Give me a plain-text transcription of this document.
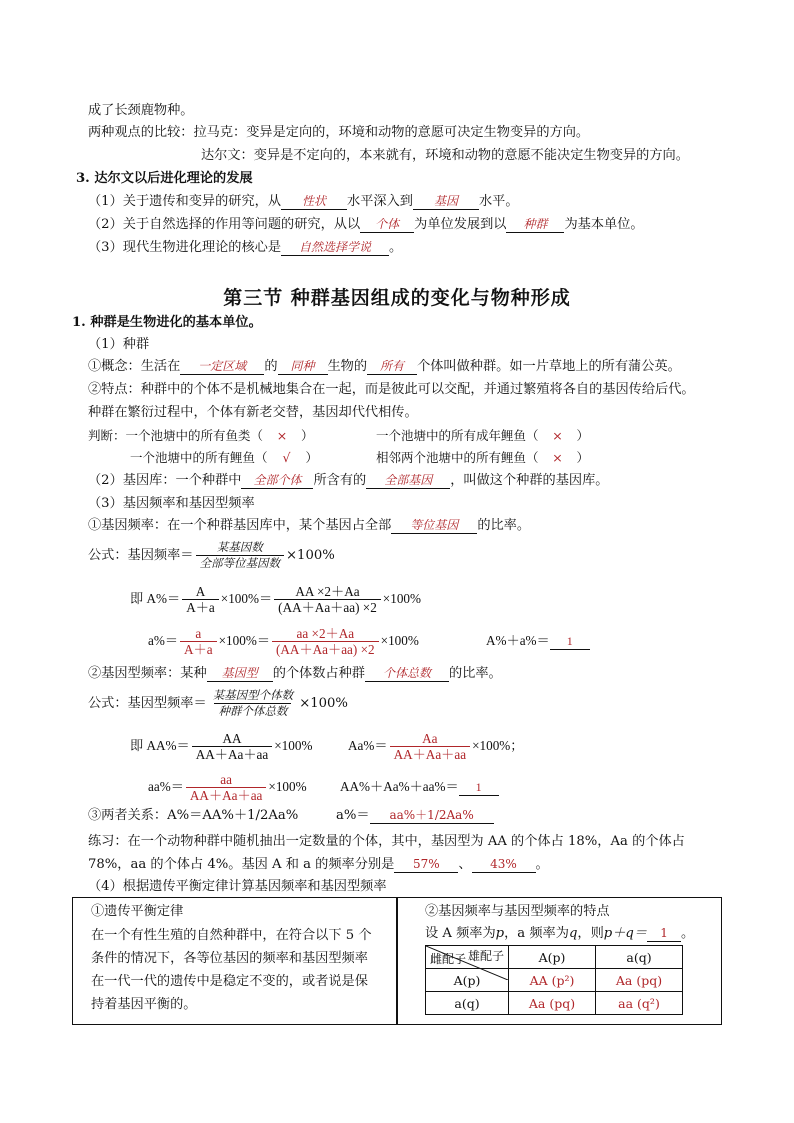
成了长颈鹿物种。
两种观点的比较：拉马克：变异是定向的，环境和动物的意愿可决定生物变异的方向。
达尔文：变异是不定向的，本来就有，环境和动物的意愿不能决定生物变异的方向。
3. 达尔文以后进化理论的发展
（1）关于遗传和变异的研究，从 性状 水平深入到 基因 水平。
（2）关于自然选择的作用等问题的研究，从以 个体 为单位发展到以 种群 为基本单位。
（3）现代生物进化理论的核心是 自然选择学说 。
第三节 种群基因组成的变化与物种形成
1. 种群是生物进化的基本单位。
（1）种群
①概念：生活在 一定区域 的 同种 生物的 所有 个体叫做种群。如一片草地上的所有蒲公英。
②特点：种群中的个体不是机械地集合在一起，而是彼此可以交配，并通过繁殖将各自的基因传给后代。
种群在繁衍过程中，个体有新老交替，基因却代代相传。
判断：一个池塘中的所有鱼类（ × ）	一个池塘中的所有成年鲤鱼（ × ）
一个池塘中的所有鲤鱼（ √ ）	相邻两个池塘中的所有鲤鱼（ × ）
（2）基因库：一个种群中 全部个体 所含有的 全部基因 ，叫做这个种群的基因库。
（3）基因频率和基因型频率
①基因频率：在一个种群基因库中，某个基因占全部 等位基因 的比率。
公式：基因频率＝ $\frac{\text{某基因数}}{\text{全部等位基因数}} \times 100\%$
即 $A\%= \frac{A}{A+a} \times 100\%= \frac{AA \times 2+Aa}{(AA+Aa+aa) \times 2} \times 100\%$
$a\%= \frac{a}{A+a} \times 100\%= \frac{aa \times 2+Aa}{(AA+Aa+aa) \times 2} \times 100\%$	A%＋a%＝ 1
②基因型频率：某种 基因型 的个体数占种群 个体总数 的比率。
公式：基因型频率＝ $\frac{\text{某基因型个体数}}{\text{种群个体总数}} \times 100\%$
即 $AA\%= \frac{AA}{AA+Aa+aa} \times 100\%$	$Aa\%= \frac{Aa}{AA+Aa+aa} \times 100\%$；
$aa\%= \frac{aa}{AA+Aa+aa} \times 100\%$	AA%＋Aa%＋aa%＝ 1
③两者关系：A%＝AA%＋1/2Aa%	a%＝ aa%＋1/2Aa%
练习：在一个动物种群中随机抽出一定数量的个体，其中，基因型为 AA 的个体占 18%，Aa 的个体占
78%，aa 的个体占 4%。基因 A 和 a 的频率分别是 57% 、 43% 。
（4）根据遗传平衡定律计算基因频率和基因型频率
①遗传平衡定律
在一个有性生殖的自然种群中，在符合以下 5 个
条件的情况下，各等位基因的频率和基因型频率
在一代一代的遗传中是稳定不变的，或者说是保
持着基因平衡的。
②基因频率与基因型频率的特点
设 A 频率为p，a 频率为q，则p＋q＝ 1 。
雄配子
雌配子	A(p)	a(q)
A(p)	AA (p²)	Aa (pq)
a(q)	Aa (pq)	aa (q²)
